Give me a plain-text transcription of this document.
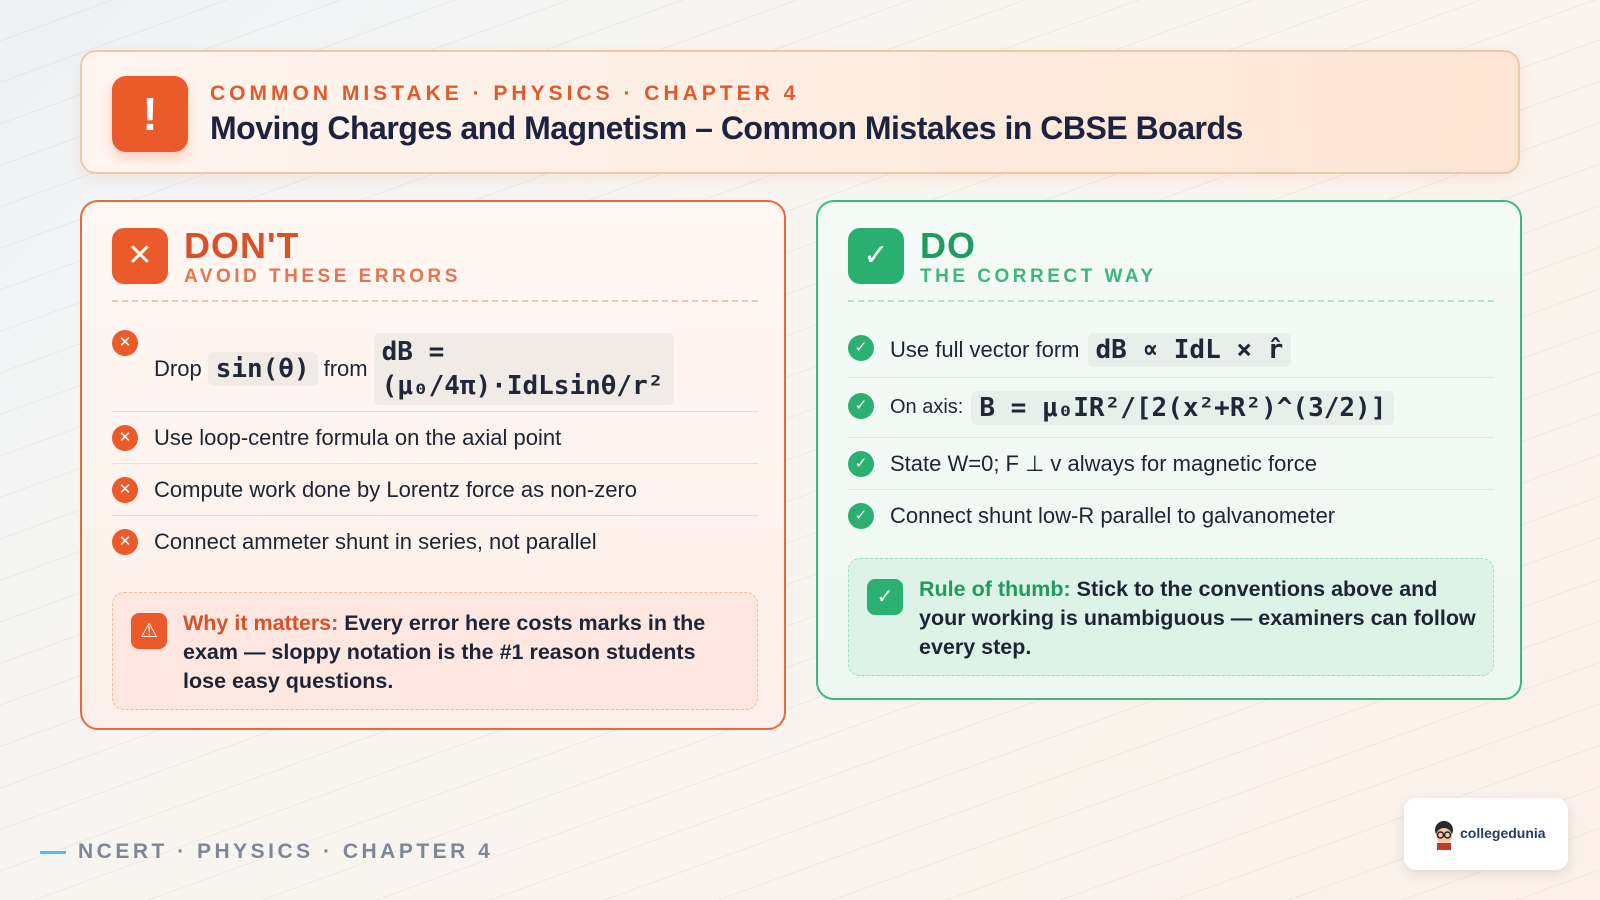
!	COMMON MISTAKE · PHYSICS · CHAPTER 4
Moving Charges and Magnetism – Common Mistakes in CBSE Boards
✕ DON'T
AVOID THESE ERRORS
✕
Drop sin(θ) from
dB = (μ₀/4π)·IdLsinθ/r²
✕	Use loop-centre formula on the axial point
✕	Compute work done by Lorentz force as non-zero
✕	Connect ammeter shunt in series, not parallel
⚠	Why it matters: Every error here costs marks in the exam — sloppy notation is the #1 reason students lose easy questions.
✓ DO
THE CORRECT WAY
✓	Use full vector form dB ∝ IdL × r̂
✓	On axis: B = μ₀IR²/[2(x²+R²)^(3/2)]
✓	State W=0; F ⊥ v always for magnetic force
✓	Connect shunt low-R parallel to galvanometer
✓	Rule of thumb: Stick to the conventions above and your working is unambiguous — examiners can follow every step.
NCERT · PHYSICS · CHAPTER 4
collegedunia
